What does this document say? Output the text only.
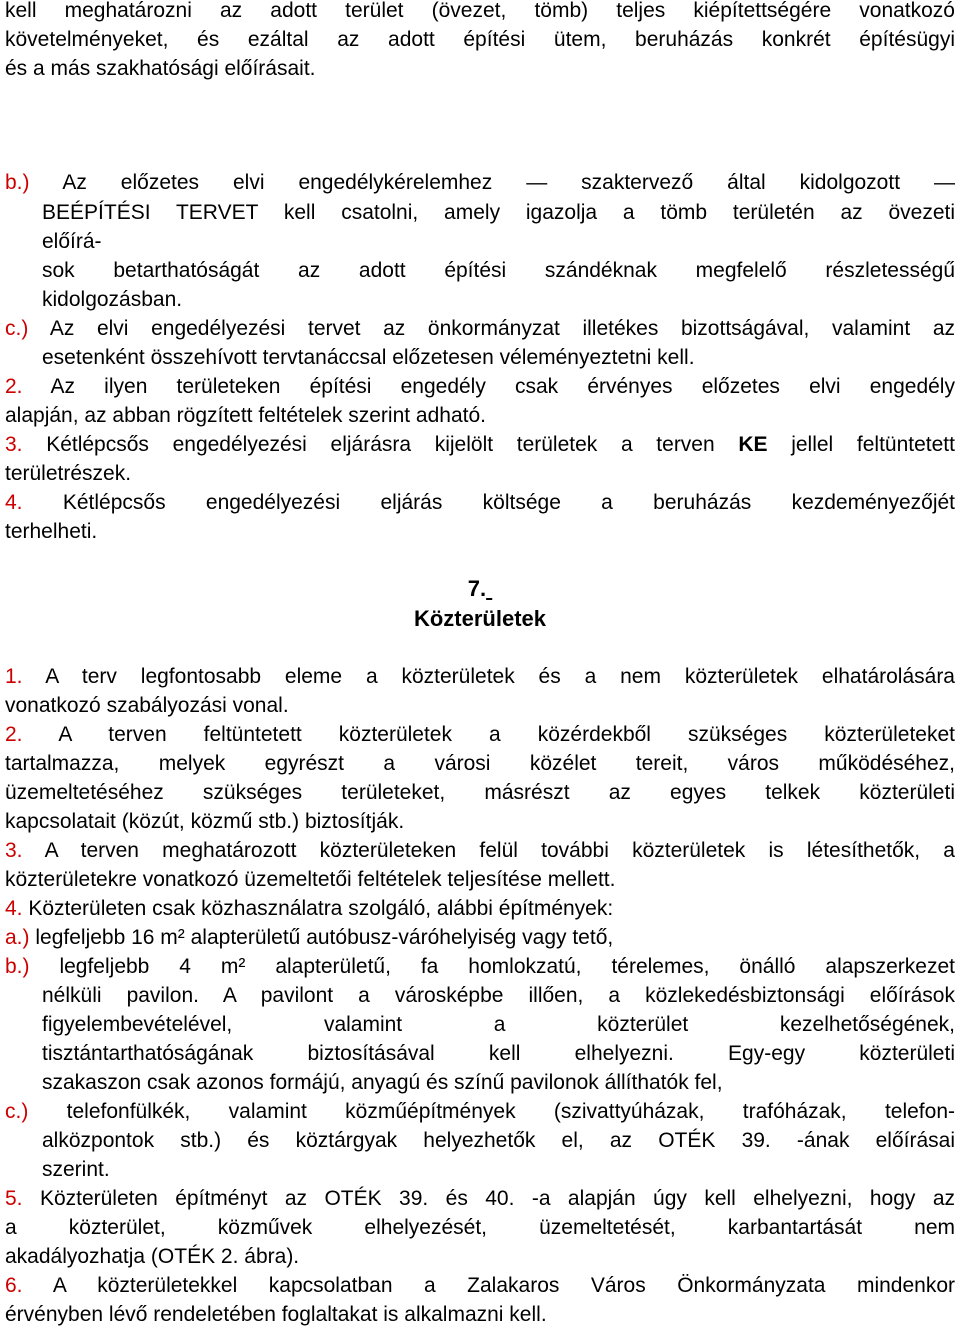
kell meghatározni az adott terület (övezet, tömb) teljes kiépítettségére vonatkozó
követelményeket, és ezáltal az adott építési ütem, beruházás konkrét építésügyi
és a más szakhatósági előírásait.
b.) Az előzetes elvi engedélykérelemhez — szaktervező által kidolgozott —
BEÉPÍTÉSI TERVET kell csatolni, amely igazolja a tömb területén az övezeti
előírá-
sok betarthatóságát az adott építési szándéknak megfelelő részletességű
kidolgozásban.
c.) Az elvi engedélyezési tervet az önkormányzat illetékes bizottságával, valamint az
esetenként összehívott tervtanáccsal előzetesen véleményeztetni kell.
2. Az ilyen területeken építési engedély csak érvényes előzetes elvi engedély
alapján, az abban rögzített feltételek szerint adható.
3. Kétlépcsős engedélyezési eljárásra kijelölt területek a terven KE jellel feltüntetett
területrészek.
4. Kétlépcsős engedélyezési eljárás költsége a beruházás kezdeményezőjét
terhelheti.
7.
Közterületek
1. A terv legfontosabb eleme a közterületek és a nem közterületek elhatárolására
vonatkozó szabályozási vonal.
2. A terven feltüntetett közterületek a közérdekből szükséges közterületeket
tartalmazza, melyek egyrészt a városi közélet tereit, város működéséhez,
üzemeltetéséhez szükséges területeket, másrészt az egyes telkek közterületi
kapcsolatait (közút, közmű stb.) biztosítják.
3. A terven meghatározott közterületeken felül további közterületek is létesíthetők, a
közterületekre vonatkozó üzemeltetői feltételek teljesítése mellett.
4. Közterületen csak közhasználatra szolgáló, alábbi építmények:
a.) legfeljebb 16 m² alapterületű autóbusz-váróhelyiség vagy tető,
b.) legfeljebb 4 m² alapterületű, fa homlokzatú, térelemes, önálló alapszerkezet
nélküli pavilon. A pavilont a városképbe illően, a közlekedésbiztonsági előírások
figyelembevételével, valamint a közterület kezelhetőségének,
tisztántarthatóságának biztosításával kell elhelyezni. Egy-egy közterületi
szakaszon csak azonos formájú, anyagú és színű pavilonok állíthatók fel,
c.) telefonfülkék, valamint közműépítmények (szivattyúházak, trafóházak, telefon-
alközpontok stb.) és köztárgyak helyezhetők el, az OTÉK 39. -ának előírásai
szerint.
5. Közterületen építményt az OTÉK 39. és 40. -a alapján úgy kell elhelyezni, hogy az
a közterület, közművek elhelyezését, üzemeltetését, karbantartását nem
akadályozhatja (OTÉK 2. ábra).
6. A közterületekkel kapcsolatban a Zalakaros Város Önkormányzata mindenkor
érvényben lévő rendeletében foglaltakat is alkalmazni kell.
